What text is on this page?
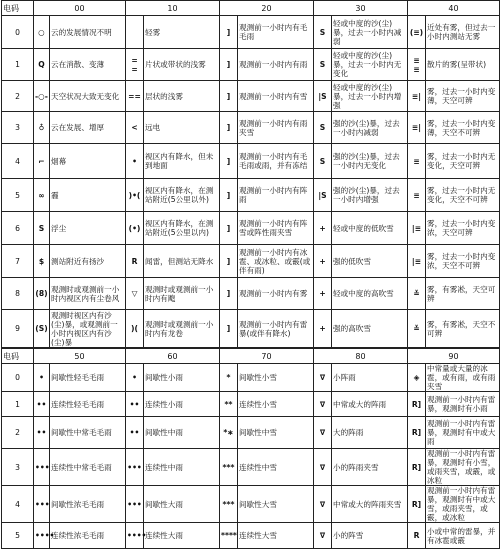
电码	00		10		20		30		40	
0	○	云的发展情况不明		轻雾	]	观测前一小时内有毛毛雨	S	轻或中度的沙(尘)暴，过去一小时内减弱	(≡)	近处有雾，但过去一小时内测站无雾
1	Q	云在消散、变薄	= =	片状或带状的浅雾	]	观测前一小时内有雨	S	轻或中度的沙(尘)暴，过去一小时内无变化	≡ ≡	散片的雾(呈带状)
2	-○-	天空状况大致无变化	==	层状的浅雾	]	观测前一小时内有雪	|S	轻或中度的沙(尘)暴，过去一小时内增强	≡|	雾，过去一小时内变薄，天空可辨
3	♁	云在发展、增厚	<	远电	]	观测前一小时内有雨夹雪	S	强的沙(尘)暴，过去一小时内减弱	≡|	雾，过去一小时内变薄，天空不可辨
4	⌐	烟幕	•	视区内有降水，但未到地面	]	观测前一小时内有毛毛雨或雨，并有冻结	S	强的沙(尘)暴，过去一小时内无变化	≡	雾，过去一小时内无变化，天空可辨
5	∞	霾	)•(	视区内有降水，在测站附近(5公里以外)	]	观测前一小时内有阵雨	|S	强的沙(尘)暴，过去一小时内增强	≡	雾，过去一小时内无变化，天空不可辨
6	S	浮尘	(•)	视区内有降水，在测站附近(5公里以内)	]	观测前一小时内有阵雪或阵性雨夹雪	+	轻或中度的低吹雪	|≡	雾，过去一小时内变浓，天空可辨
7	$	测站附近有扬沙	R	闻雷，但测站无降水	]	观测前一小时内有冰雹、或冰粒、或霰(或伴有雨)	+	强的低吹雪	|≡	雾，过去一小时内变浓，天空不可辨
8	(8)	观测时或观测前一小时内视区内有尘卷风	▽	观测时或观测前一小时内有飑	]	观测前一小时内有雾	+	轻或中度的高吹雪	≚	雾，有雾凇，天空可辨
9	(S)	观测时视区内有沙(尘)暴，或观测前一小时内视区内有沙(尘)暴	)(	观测时或观测前一小时内有龙卷	]	观测前一小时内有雷暴(或伴有降水)	+	强的高吹雪	≚	雾，有雾凇，天空不可辨
电码	50		60		70		80		90	
0	•	间歇性轻毛毛雨	•	间歇性小雨	*	间歇性小雪	∇	小阵雨	◈	中常量或大量的冰雹，或有雨，或有雨夹雪
1	••	连续性轻毛毛雨	••	连续性小雨	**	连续性小雪	∇	中常或大的阵雨	R]	观测前一小时内有雷暴，观测时有小雨
2	••	间歇性中常毛毛雨	••	间歇性中雨	*∗	间歇性中雪	∇	大的阵雨	R]	观测前一小时内有雷暴，观测时有中或大雨
3	•••	连续性中常毛毛雨	•••	连续性中雨	***	连续性中雪	∇	小的阵雨夹雪	R]	观测前一小时内有雷暴，观测时有小雪，或雨夹雪，或霰，或冰粒
4	•••	间歇性浓毛毛雨	•••	间歇性大雨	***	间歇性大雪	∇	中常或大的阵雨夹雪	R]	观测前一小时内有雷暴，观测时有中或大雪，或雨夹雪，或霰，或冰粒
5	••••	连续性浓毛毛雨	••••	连续性大雨	****	连续性大雪	∇	小的阵雪	R	小或中常的雷暴，并有冰雹或霰
